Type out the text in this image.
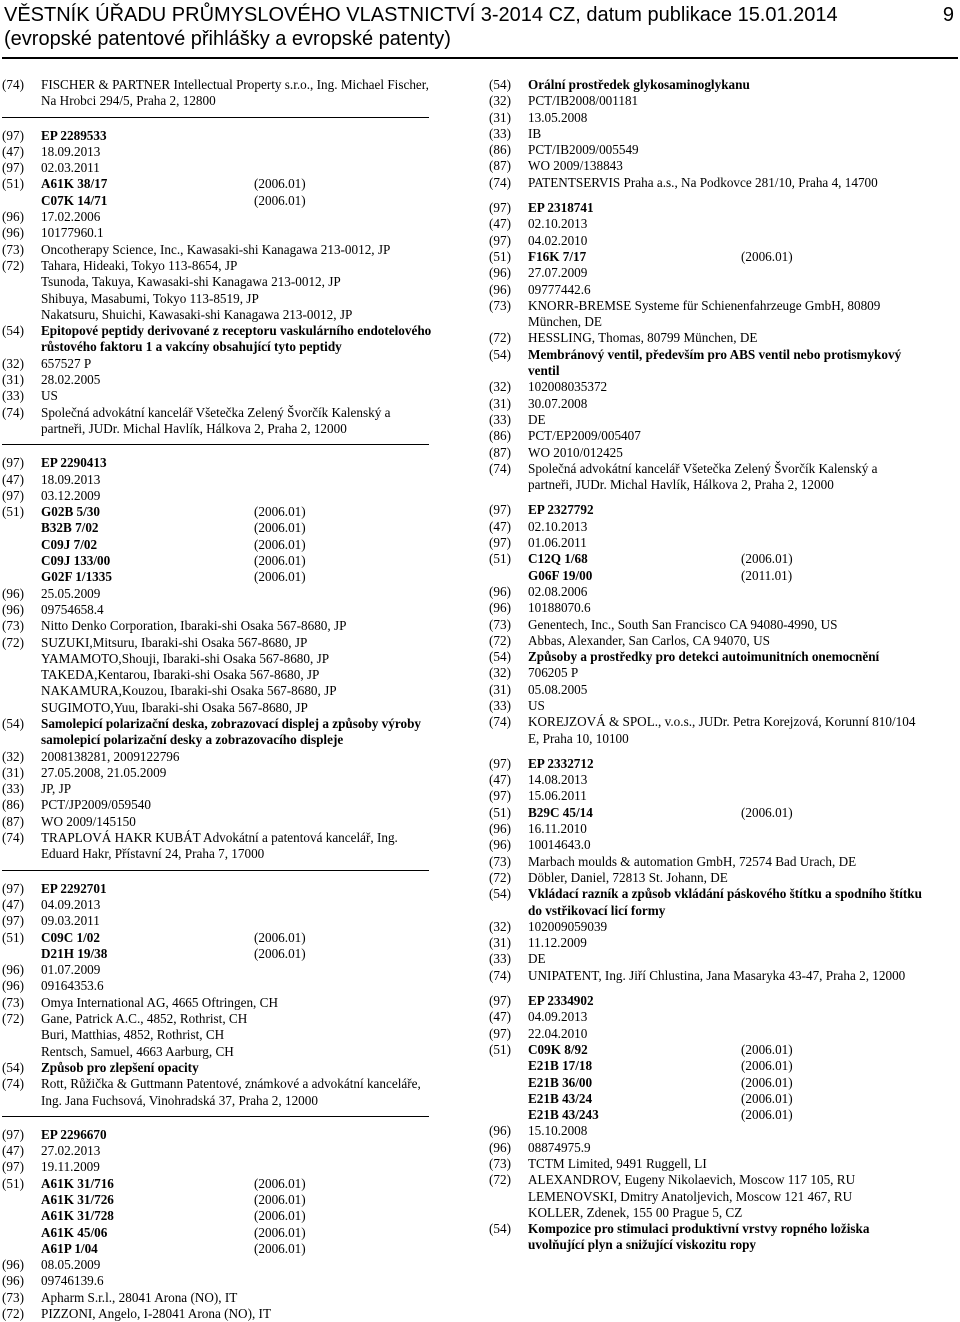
VĚSTNÍK ÚŘADU PRŮMYSLOVÉHO VLASTNICTVÍ 3-2014 CZ, datum publikace 15.01.2014
(evropské patentové přihlášky a evropské patenty)
9
(74)	FISCHER & PARTNER Intellectual Property s.r.o., Ing. Michael Fischer,
Na Hrobci 294/5, Praha 2, 12800
(97)	EP 2289533
(47)	18.09.2013
(97)	02.03.2011
(51)	A61K 38/17	(2006.01)
C07K 14/71	(2006.01)
(96)	17.02.2006
(96)	10177960.1
(73)	Oncotherapy Science, Inc., Kawasaki-shi Kanagawa 213-0012, JP
(72)	Tahara, Hideaki, Tokyo 113-8654, JP
Tsunoda, Takuya, Kawasaki-shi Kanagawa 213-0012, JP
Shibuya, Masabumi, Tokyo 113-8519, JP
Nakatsuru, Shuichi, Kawasaki-shi Kanagawa 213-0012, JP
(54)	Epitopové peptidy derivované z receptoru vaskulárního endotelového
růstového faktoru 1 a vakcíny obsahující tyto peptidy
(32)	657527 P
(31)	28.02.2005
(33)	US
(74)	Společná advokátní kancelář Všetečka Zelený Švorčík Kalenský a
partneři, JUDr. Michal Havlík, Hálkova 2, Praha 2, 12000
(97)	EP 2290413
(47)	18.09.2013
(97)	03.12.2009
(51)	G02B 5/30	(2006.01)
B32B 7/02	(2006.01)
C09J 7/02	(2006.01)
C09J 133/00	(2006.01)
G02F 1/1335	(2006.01)
(96)	25.05.2009
(96)	09754658.4
(73)	Nitto Denko Corporation, Ibaraki-shi Osaka 567-8680, JP
(72)	SUZUKI,Mitsuru, Ibaraki-shi Osaka 567-8680, JP
YAMAMOTO,Shouji, Ibaraki-shi Osaka 567-8680, JP
TAKEDA,Kentarou, Ibaraki-shi Osaka 567-8680, JP
NAKAMURA,Kouzou, Ibaraki-shi Osaka 567-8680, JP
SUGIMOTO,Yuu, Ibaraki-shi Osaka 567-8680, JP
(54)	Samolepicí polarizační deska, zobrazovací displej a způsoby výroby
samolepicí polarizační desky a zobrazovacího displeje
(32)	2008138281, 2009122796
(31)	27.05.2008, 21.05.2009
(33)	JP, JP
(86)	PCT/JP2009/059540
(87)	WO 2009/145150
(74)	TRAPLOVÁ HAKR KUBÁT Advokátní a patentová kancelář, Ing.
Eduard Hakr, Přístavní 24, Praha 7, 17000
(97)	EP 2292701
(47)	04.09.2013
(97)	09.03.2011
(51)	C09C 1/02	(2006.01)
D21H 19/38	(2006.01)
(96)	01.07.2009
(96)	09164353.6
(73)	Omya International AG, 4665 Oftringen, CH
(72)	Gane, Patrick A.C., 4852, Rothrist, CH
Buri, Matthias, 4852, Rothrist, CH
Rentsch, Samuel, 4663 Aarburg, CH
(54)	Způsob pro zlepšení opacity
(74)	Rott, Růžička & Guttmann Patentové, známkové a advokátní kanceláře,
Ing. Jana Fuchsová, Vinohradská 37, Praha 2, 12000
(97)	EP 2296670
(47)	27.02.2013
(97)	19.11.2009
(51)	A61K 31/716	(2006.01)
A61K 31/726	(2006.01)
A61K 31/728	(2006.01)
A61K 45/06	(2006.01)
A61P 1/04	(2006.01)
(96)	08.05.2009
(96)	09746139.6
(73)	Apharm S.r.l., 28041 Arona (NO), IT
(72)	PIZZONI, Angelo, I-28041 Arona (NO), IT
(54)	Orální prostředek glykosaminoglykanu
(32)	PCT/IB2008/001181
(31)	13.05.2008
(33)	IB
(86)	PCT/IB2009/005549
(87)	WO 2009/138843
(74)	PATENTSERVIS Praha a.s., Na Podkovce 281/10, Praha 4, 14700
(97)	EP 2318741
(47)	02.10.2013
(97)	04.02.2010
(51)	F16K 7/17	(2006.01)
(96)	27.07.2009
(96)	09777442.6
(73)	KNORR-BREMSE Systeme für Schienenfahrzeuge GmbH, 80809
München, DE
(72)	HESSLING, Thomas, 80799 München, DE
(54)	Membránový ventil, především pro ABS ventil nebo protismykový
ventil
(32)	102008035372
(31)	30.07.2008
(33)	DE
(86)	PCT/EP2009/005407
(87)	WO 2010/012425
(74)	Společná advokátní kancelář Všetečka Zelený Švorčík Kalenský a
partneři, JUDr. Michal Havlík, Hálkova 2, Praha 2, 12000
(97)	EP 2327792
(47)	02.10.2013
(97)	01.06.2011
(51)	C12Q 1/68	(2006.01)
G06F 19/00	(2011.01)
(96)	02.08.2006
(96)	10188070.6
(73)	Genentech, Inc., South San Francisco CA 94080-4990, US
(72)	Abbas, Alexander, San Carlos, CA 94070, US
(54)	Způsoby a prostředky pro detekci autoimunitních onemocnění
(32)	706205 P
(31)	05.08.2005
(33)	US
(74)	KOREJZOVÁ & SPOL., v.o.s., JUDr. Petra Korejzová, Korunní 810/104
E, Praha 10, 10100
(97)	EP 2332712
(47)	14.08.2013
(97)	15.06.2011
(51)	B29C 45/14	(2006.01)
(96)	16.11.2010
(96)	10014643.0
(73)	Marbach moulds & automation GmbH, 72574 Bad Urach, DE
(72)	Döbler, Daniel, 72813 St. Johann, DE
(54)	Vkládací razník a způsob vkládání páskového štítku a spodního štítku
do vstřikovací licí formy
(32)	102009059039
(31)	11.12.2009
(33)	DE
(74)	UNIPATENT, Ing. Jiří Chlustina, Jana Masaryka 43-47, Praha 2, 12000
(97)	EP 2334902
(47)	04.09.2013
(97)	22.04.2010
(51)	C09K 8/92	(2006.01)
E21B 17/18	(2006.01)
E21B 36/00	(2006.01)
E21B 43/24	(2006.01)
E21B 43/243	(2006.01)
(96)	15.10.2008
(96)	08874975.9
(73)	TCTM Limited, 9491 Ruggell, LI
(72)	ALEXANDROV, Eugeny Nikolaevich, Moscow 117 105, RU
LEMENOVSKI, Dmitry Anatoljevich, Moscow 121 467, RU
KOLLER, Zdenek, 155 00 Prague 5, CZ
(54)	Kompozice pro stimulaci produktivní vrstvy ropného ložiska
uvolňující plyn a snižující viskozitu ropy
